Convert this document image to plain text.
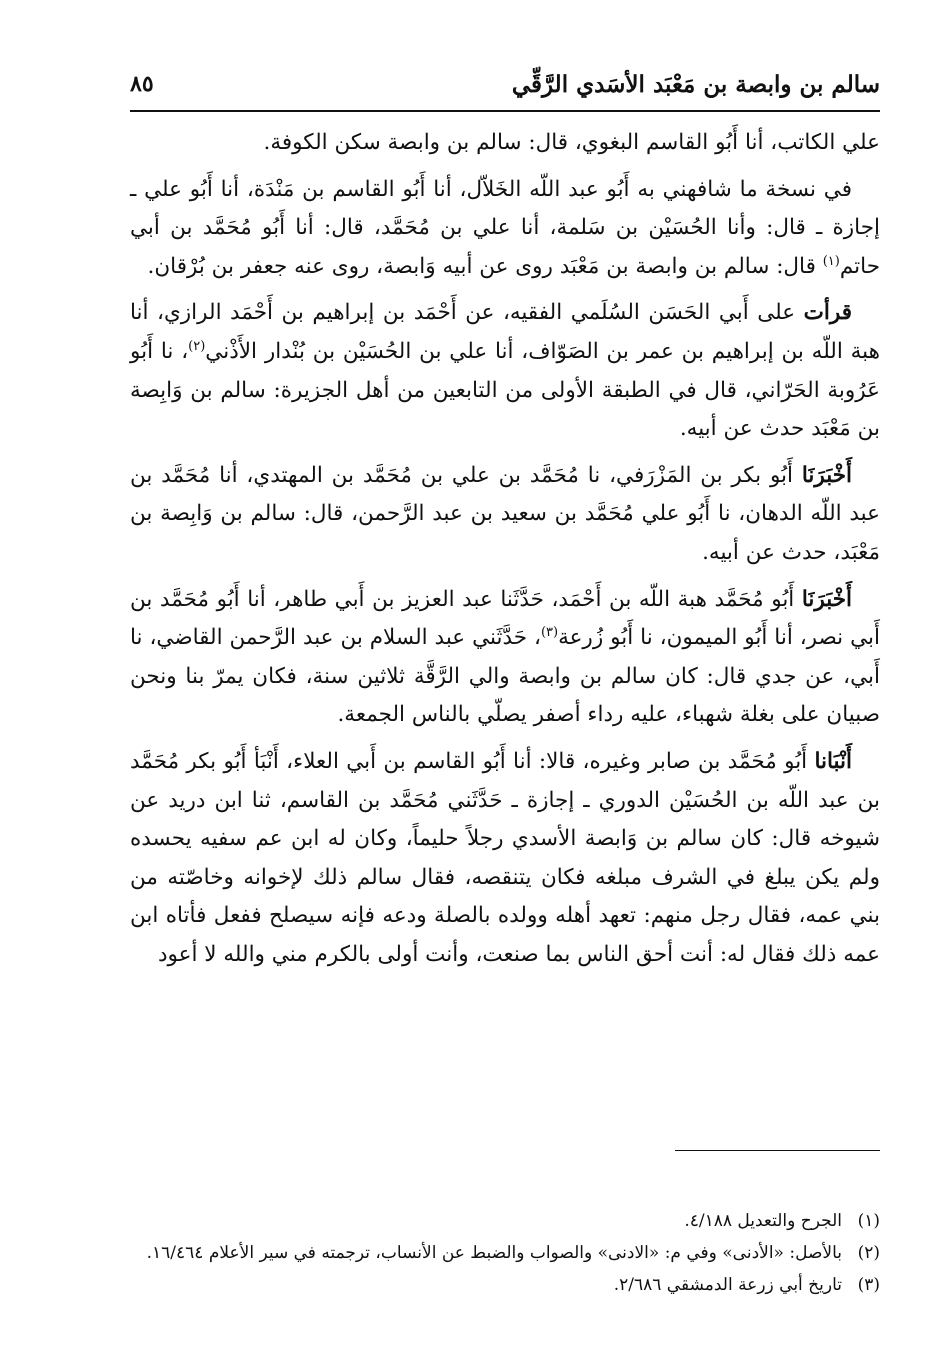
سالم بن وابصة بن مَعْبَد الأسَدي الرَّقِّي
٨٥

علي الكاتب، أنا أَبُو القاسم البغوي، قال: سالم بن وابصة سكن الكوفة.

في نسخة ما شافهني به أَبُو عبد اللّه الخَلاّل، أنا أَبُو القاسم بن مَنْدَة، أنا أَبُو علي ـ إجازة ـ قال: وأنا الحُسَيْن بن سَلمة، أنا علي بن مُحَمَّد، قال: أنا أَبُو مُحَمَّد بن أبي حاتم$^{(١)}$ قال: سالم بن وابصة بن مَعْبَد روى عن أبيه وَابصة، روى عنه جعفر بن بُرْقان.

قرأت على أَبي الحَسَن السُلَمي الفقيه، عن أَحْمَد بن إبراهيم بن أَحْمَد الرازي، أنا هبة اللّه بن إبراهيم بن عمر بن الصَوّاف، أنا علي بن الحُسَيْن بن بُنْدار الأَذْني$^{(٢)}$، نا أَبُو عَرُوبة الحَرّاني، قال في الطبقة الأولى من التابعين من أهل الجزيرة: سالم بن وَابِصة بن مَعْبَد حدث عن أبيه.

أَخْبَرَنَا أَبُو بكر بن المَزْرَفي، نا مُحَمَّد بن علي بن مُحَمَّد بن المهتدي، أنا مُحَمَّد بن عبد اللّه الدهان، نا أَبُو علي مُحَمَّد بن سعيد بن عبد الرَّحمن، قال: سالم بن وَابِصة بن مَعْبَد، حدث عن أبيه.

أَخْبَرَنَا أَبُو مُحَمَّد هبة اللّه بن أَحْمَد، حَدَّثَنا عبد العزيز بن أَبي طاهر، أنا أَبُو مُحَمَّد بن أَبي نصر، أنا أَبُو الميمون، نا أَبُو زُرعة$^{(٣)}$، حَدَّثَني عبد السلام بن عبد الرَّحمن القاضي، نا أَبي، عن جدي قال: كان سالم بن وابصة والي الرَّقَّة ثلاثين سنة، فكان يمرّ بنا ونحن صبيان على بغلة شهباء، عليه رداء أصفر يصلّي بالناس الجمعة.

أَنْبَانا أَبُو مُحَمَّد بن صابر وغيره، قالا: أنا أَبُو القاسم بن أَبي العلاء، أَنْبَأ أَبُو بكر مُحَمَّد بن عبد اللّه بن الحُسَيْن الدوري ـ إجازة ـ حَدَّثَني مُحَمَّد بن القاسم، ثنا ابن دريد عن شيوخه قال: كان سالم بن وَابصة الأسدي رجلاً حليماً، وكان له ابن عم سفيه يحسده ولم يكن يبلغ في الشرف مبلغه فكان يتنقصه، فقال سالم ذلك لإخوانه وخاصّته من بني عمه، فقال رجل منهم: تعهد أهله وولده بالصلة ودعه فإنه سيصلح ففعل فأتاه ابن عمه ذلك فقال له: أنت أحق الناس بما صنعت، وأنت أولى بالكرم مني والله لا أعود

(١)
الجرح والتعديل ٤/١٨٨.
(٢)
بالأصل: «الأدنى» وفي م: «الادنى» والصواب والضبط عن الأنساب، ترجمته في سير الأعلام ١٦/٤٦٤.
(٣)
تاريخ أبي زرعة الدمشقي ٢/٦٨٦.
